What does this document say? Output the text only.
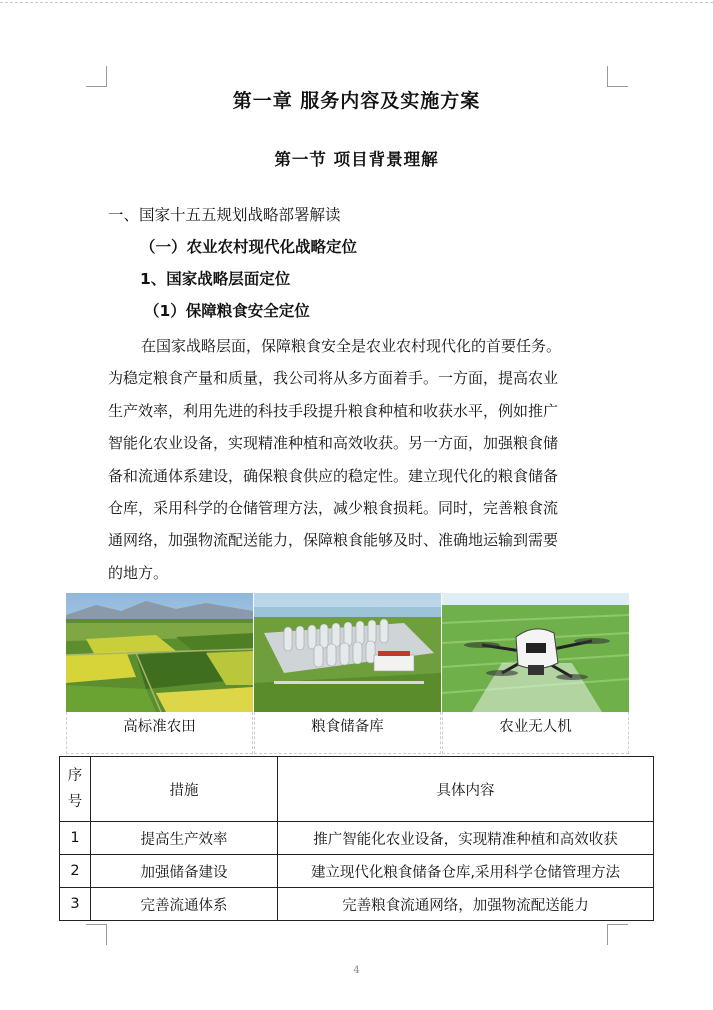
第一章 服务内容及实施方案
第一节 项目背景理解
一、国家十五五规划战略部署解读
（一）农业农村现代化战略定位
1、国家战略层面定位
（1）保障粮食安全定位

在国家战略层面，保障粮食安全是农业农村现代化的首要任务。

为稳定粮食产量和质量，我公司将从多方面着手。一方面，提高农业

生产效率，利用先进的科技手段提升粮食种植和收获水平，例如推广

智能化农业设备，实现精准种植和高效收获。另一方面，加强粮食储

备和流通体系建设，确保粮食供应的稳定性。建立现代化的粮食储备

仓库，采用科学的仓储管理方法，减少粮食损耗。同时，完善粮食流

通网络，加强物流配送能力，保障粮食能够及时、准确地运输到需要

的地方。

高标准农田	粮食储备库	农业无人机
序号	措施	具体内容
1	提高生产效率	推广智能化农业设备，实现精准种植和高效收获
2	加强储备建设	建立现代化粮食储备仓库,采用科学仓储管理方法
3	完善流通体系	完善粮食流通网络，加强物流配送能力
4
